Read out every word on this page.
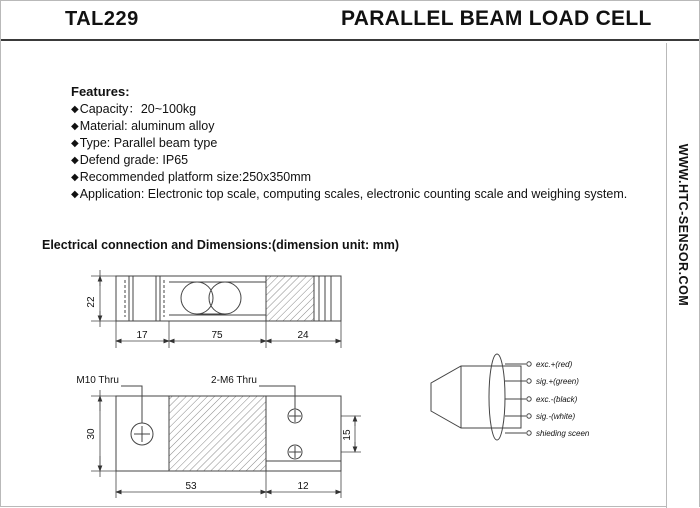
TAL229	PARALLEL BEAM LOAD CELL
WWW.HTC-SENSOR.COM
Features:
◆Capacity：20~100kg
◆Material: aluminum alloy
◆Type: Parallel beam type
◆Defend grade: IP65
◆Recommended platform size:250x350mm
◆Application: Electronic top scale, computing scales, electronic counting scale and weighing system.
Electrical connection and Dimensions:(dimension unit: mm)
22
17	75	24
30	15
53	12
M10 Thru	2-M6 Thru
exc.+(red)
sig.+(green)
exc.-(black)
sig.-(white)
shieding sceen
